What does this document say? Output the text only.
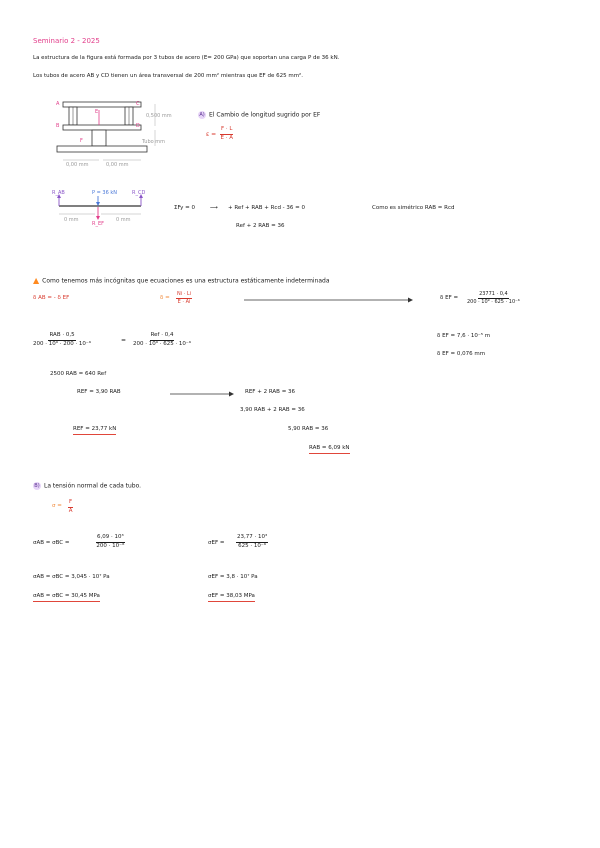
Seminario 2 - 2025
La estructura de la figura está formada por 3 tubos de acero (E= 200 GPa) que soportan una carga P de 36 kN.
Los tubos de acero AB y CD tienen un área transversal de 200 mm² mientras que EF de 625 mm².
A
B
C
D
E
F
0,500 mm
Tubo mm
0,00 mm	0,00 mm
A) El Cambio de longitud sugrido por EF
$\varepsilon = \frac{F \cdot L}{E \cdot A}$
R_AB	P = 36 kN	R_CD
R_EF
0 mm	0 mm
ΣFy = 0	⟶ + Ref + RAB + Rcd - 36 = 0	Como es simétrico RAB = Rcd
Ref + 2 RAB = 36
▲ Como tenemos más incógnitas que ecuaciones es una estructura estáticamente indeterminada
δ AB = - δ EF	$\delta = \frac{Ni \cdot Li}{E \cdot Ai}$	δ EF = $\frac{23771 \cdot 0,4}{\text{200 · 10⁹ · 625 · 10⁻⁶}}$
RAB · 0,5
200 · 10⁹ · 200 · 10⁻⁶	=
Ref · 0,4
200 · 10⁹ · 625 · 10⁻⁶
δ EF = 7,6 · 10⁻⁵ m
δ EF = 0,076 mm
2500 RAB = 640 Ref
REF = 3,90 RAB	REF + 2 RAB = 36
3,90 RAB + 2 RAB = 36
5,90 RAB = 36
REF = 23,77 kN
RAB = 6,09 kN
B) La tensión normal de cada tubo.
$\sigma = \frac{F}{A}$
σAB = σBC =	$\frac{\text{6,09 · 10³}}{\text{200 · 10⁻⁶}}$	$\sigma EF = \frac{\text{23,77 · 10³}}{\text{625 · 10⁻⁶}}$
σAB = σBC = 3,045 · 10⁷ Pa	σEF = 3,8 · 10⁷ Pa
σAB = σBC = 30,45 MPa	σEF = 38,03 MPa
